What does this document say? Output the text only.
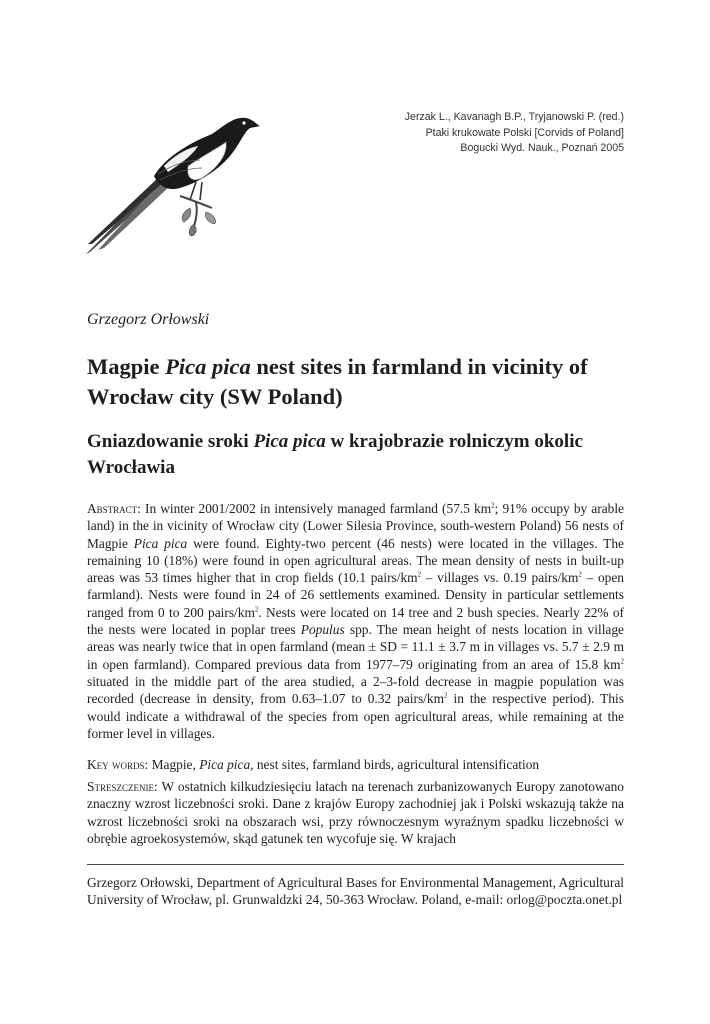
Jerzak L., Kavanagh B.P., Tryjanowski P. (red.)
Ptaki krukowate Polski [Corvids of Poland]
Bogucki Wyd. Nauk., Poznań 2005
Grzegorz Orłowski
Magpie Pica pica nest sites in farmland in vicinity of Wrocław city (SW Poland)
Gniazdowanie sroki Pica pica w krajobrazie rolniczym okolic Wrocławia
Abstract: In winter 2001/2002 in intensively managed farmland (57.5 $km^2$; 91% occupy by arable land) in the in vicinity of Wrocław city (Lower Silesia Province, south-western Poland) 56 nests of Magpie Pica pica were found. Eighty-two percent (46 nests) were located in the villages. The remaining 10 (18%) were found in open agricultural areas. The mean density of nests in built-up areas was 53 times higher that in crop fields (10.1 pairs/$km^2$ – villages vs. 0.19 pairs/$km^2$ – open farmland). Nests were found in 24 of 26 settlements examined. Density in particular settlements ranged from 0 to 200 pairs/$km^2$. Nests were located on 14 tree and 2 bush species. Nearly 22% of the nests were located in poplar trees Populus spp. The mean height of nests location in village areas was nearly twice that in open farmland (mean ± SD = 11.1 ± 3.7 m in villages vs. 5.7 ± 2.9 m in open farmland). Compared previous data from 1977–79 originating from an area of 15.8 $km^2$ situated in the middle part of the area studied, a 2–3-fold decrease in magpie population was recorded (decrease in density, from 0.63–1.07 to 0.32 pairs/$km^2$ in the respective period). This would indicate a withdrawal of the species from open agricultural areas, while remaining at the former level in villages.
Key words: Magpie, Pica pica, nest sites, farmland birds, agricultural intensification
Streszczenie: W ostatnich kilkudziesięciu latach na terenach zurbanizowanych Europy zanotowano znaczny wzrost liczebności sroki. Dane z krajów Europy zachodniej jak i Polski wskazują także na wzrost liczebności sroki na obszarach wsi, przy równoczesnym wyraźnym spadku liczebności w obrębie agroekosystemów, skąd gatunek ten wycofuje się. W krajach
Grzegorz Orłowski, Department of Agricultural Bases for Environmental Management, Agricultural University of Wrocław, pl. Grunwaldzki 24, 50-363 Wrocław. Poland, e-mail: orlog@poczta.onet.pl
